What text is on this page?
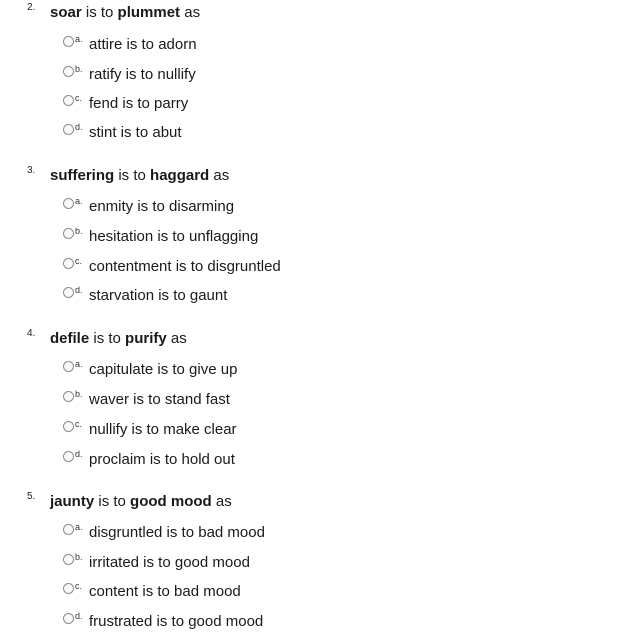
2. soar is to plummet as
a. attire is to adorn
b. ratify is to nullify
c. fend is to parry
d. stint is to abut
3. suffering is to haggard as
a. enmity is to disarming
b. hesitation is to unflagging
c. contentment is to disgruntled
d. starvation is to gaunt
4. defile is to purify as
a. capitulate is to give up
b. waver is to stand fast
c. nullify is to make clear
d. proclaim is to hold out
5. jaunty is to good mood as
a. disgruntled is to bad mood
b. irritated is to good mood
c. content is to bad mood
d. frustrated is to good mood
